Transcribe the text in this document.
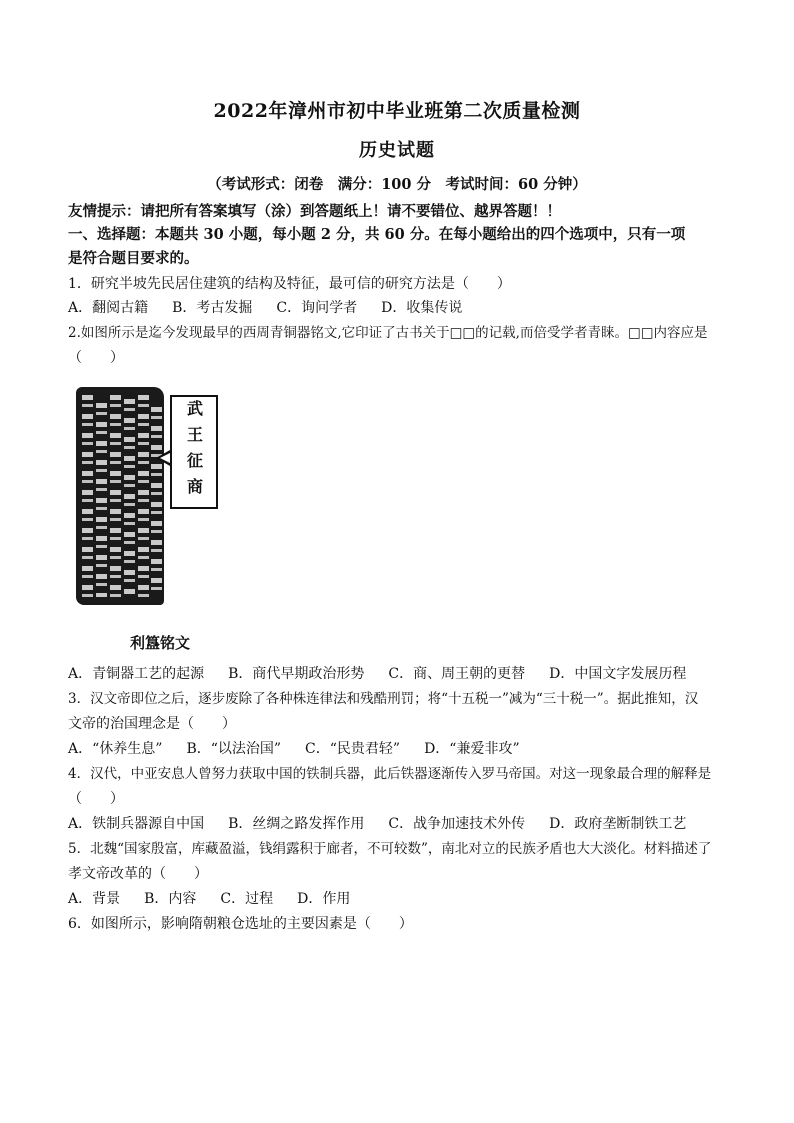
2022年漳州市初中毕业班第二次质量检测
历史试题
（考试形式：闭卷　满分：100 分　考试时间：60 分钟）
友情提示：请把所有答案填写（涂）到答题纸上！请不要错位、越界答题！！
一、选择题：本题共 30 小题，每小题 2 分，共 60 分。在每小题给出的四个选项中，只有一项
是符合题目要求的。
1．研究半坡先民居住建筑的结构及特征，最可信的研究方法是（　　）
A．翻阅古籍 B．考古发掘 C．询问学者 D．收集传说
2.如图所示是迄今发现最早的西周青铜器铭文,它印证了古书关于□□的记载,而倍受学者青睐。□□内容应是
（　　）
武王征商
利簋铭文
A．青铜器工艺的起源 B．商代早期政治形势 C．商、周王朝的更替 D．中国文字发展历程
3．汉文帝即位之后，逐步废除了各种株连律法和残酷刑罚；将“十五税一”减为“三十税一”。据此推知，汉
文帝的治国理念是（　　）
A．“休养生息” B．“以法治国” C．“民贵君轻” D．“兼爱非攻”
4．汉代，中亚安息人曾努力获取中国的铁制兵器，此后铁器逐渐传入罗马帝国。对这一现象最合理的解释是
（　　）
A．铁制兵器源自中国 B．丝绸之路发挥作用 C．战争加速技术外传 D．政府垄断制铁工艺
5．北魏“国家殷富，库藏盈溢，钱绢露积于廊者，不可较数”，南北对立的民族矛盾也大大淡化。材料描述了
孝文帝改革的（　　）
A．背景 B．内容 C．过程 D．作用
6．如图所示，影响隋朝粮仓选址的主要因素是（　　）
